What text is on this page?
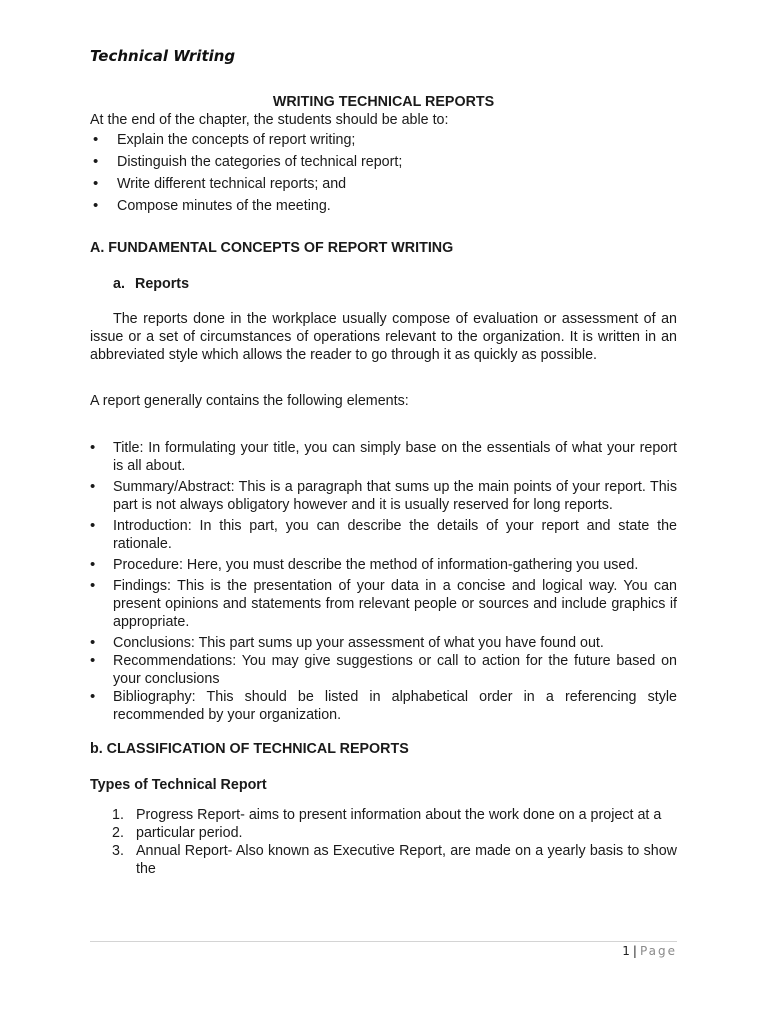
Technical Writing

WRITING TECHNICAL REPORTS

At the end of the chapter, the students should be able to:

• Explain the concepts of report writing;
• Distinguish the categories of technical report;
• Write different technical reports; and
• Compose minutes of the meeting.

A. FUNDAMENTAL CONCEPTS OF REPORT WRITING

a. Reports

The reports done in the workplace usually compose of evaluation or assessment of an issue or a set of circumstances of operations relevant to the organization. It is written in an abbreviated style which allows the reader to go through it as quickly as possible.

A report generally contains the following elements:

• Title: In formulating your title, you can simply base on the essentials of what your report is all about.
• Summary/Abstract: This is a paragraph that sums up the main points of your report. This part is not always obligatory however and it is usually reserved for long reports.
• Introduction: In this part, you can describe the details of your report and state the rationale.
• Procedure: Here, you must describe the method of information-gathering you used.
• Findings: This is the presentation of your data in a concise and logical way. You can present opinions and statements from relevant people or sources and include graphics if appropriate.
• Conclusions: This part sums up your assessment of what you have found out.
• Recommendations: You may give suggestions or call to action for the future based on your conclusions
• Bibliography: This should be listed in alphabetical order in a referencing style recommended by your organization.

b. CLASSIFICATION OF TECHNICAL REPORTS

Types of Technical Report

1. Progress Report- aims to present information about the work done on a project at a
2. particular period.
3. Annual Report- Also known as Executive Report, are made on a yearly basis to show the
1 | Page
